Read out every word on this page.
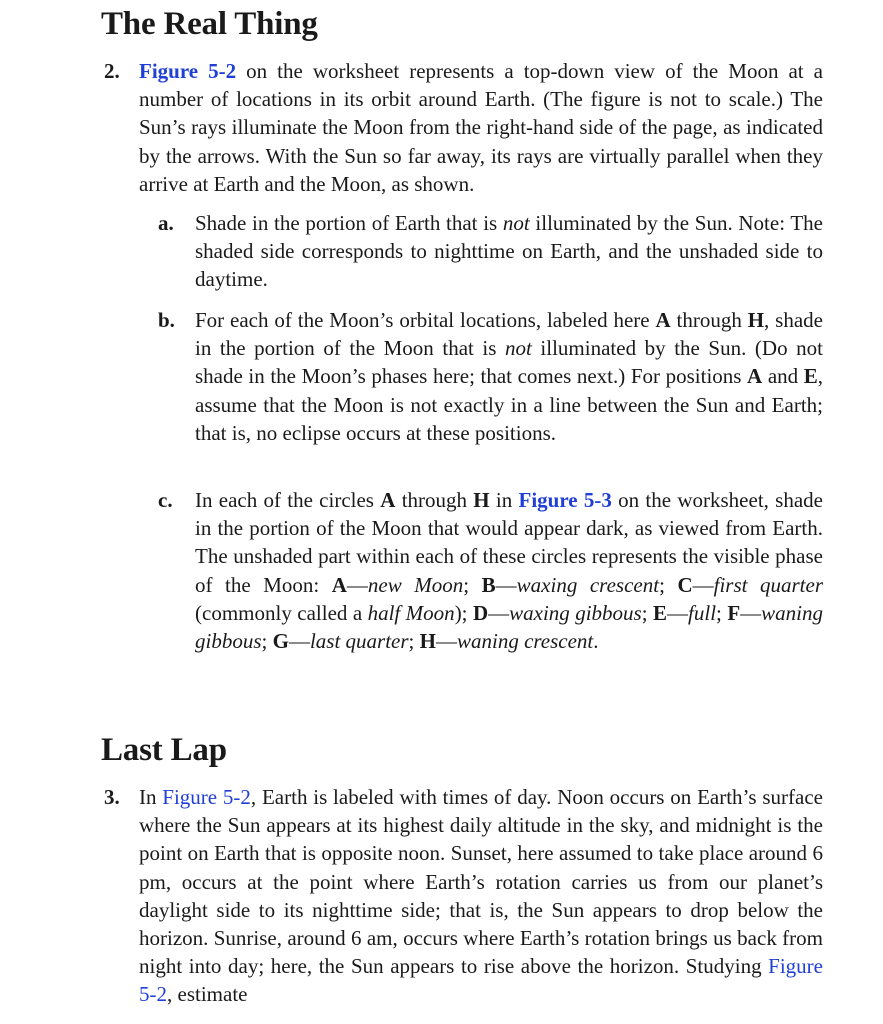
The Real Thing
2. Figure 5-2 on the worksheet represents a top-down view of the Moon at a number of locations in its orbit around Earth. (The figure is not to scale.) The Sun’s rays illuminate the Moon from the right-hand side of the page, as indicated by the arrows. With the Sun so far away, its rays are virtually parallel when they arrive at Earth and the Moon, as shown.

a. Shade in the portion of Earth that is not illuminated by the Sun. Note: The shaded side corresponds to nighttime on Earth, and the unshaded side to daytime.
b. For each of the Moon’s orbital locations, labeled here A through H, shade in the portion of the Moon that is not illuminated by the Sun. (Do not shade in the Moon’s phases here; that comes next.) For positions A and E, assume that the Moon is not exactly in a line between the Sun and Earth; that is, no eclipse occurs at these positions.
c. In each of the circles A through H in Figure 5-3 on the worksheet, shade in the portion of the Moon that would appear dark, as viewed from Earth. The unshaded part within each of these circles represents the visible phase of the Moon: A—new Moon; B—waxing crescent; C—first quarter (commonly called a half Moon); D—waxing gibbous; E—full; F—waning gibbous; G—last quarter; H—waning crescent.
Last Lap
3. In Figure 5-2, Earth is labeled with times of day. Noon occurs on Earth’s surface where the Sun appears at its highest daily altitude in the sky, and midnight is the point on Earth that is opposite noon. Sunset, here assumed to take place around 6 pm, occurs at the point where Earth’s rotation carries us from our planet’s daylight side to its nighttime side; that is, the Sun appears to drop below the horizon. Sunrise, around 6 am, occurs where Earth’s rotation brings us back from night into day; here, the Sun appears to rise above the horizon. Studying Figure 5-2, estimate
